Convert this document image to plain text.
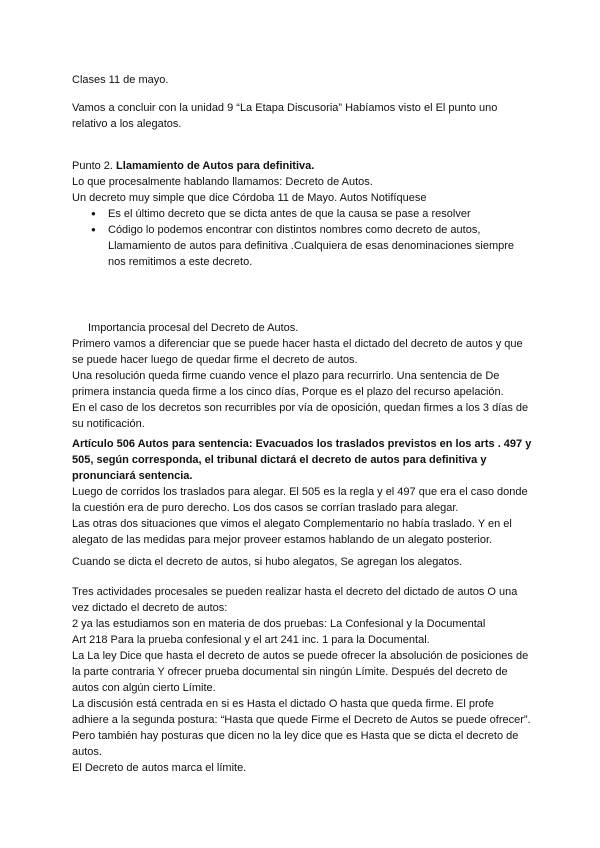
Clases 11 de mayo.

Vamos a concluir con la unidad 9 “La Etapa Discusoria” Habíamos visto el El punto uno relativo a los alegatos.

Punto 2. Llamamiento de Autos para definitiva.

Lo que procesalmente hablando llamamos: Decreto de Autos.

Un decreto muy simple que dice Córdoba 11 de Mayo. Autos Notifíquese

● Es el último decreto que se dicta antes de que la causa se pase a resolver
● Código lo podemos encontrar con distintos nombres como decreto de autos, Llamamiento de autos para definitiva .Cualquiera de esas denominaciones siempre nos remitimos a este decreto.

Importancia procesal del Decreto de Autos.

Primero vamos a diferenciar que se puede hacer hasta el dictado del decreto de autos y que se puede hacer luego de quedar firme el decreto de autos.

Una resolución queda firme cuando vence el plazo para recurrirlo. Una sentencia de De primera instancia queda firme a los cinco días, Porque es el plazo del recurso apelación.

En el caso de los decretos son recurribles por vía de oposición, quedan firmes a los 3 días de su notificación.

Artículo 506 Autos para sentencia: Evacuados los traslados previstos en los arts . 497 y 505, según corresponda, el tribunal dictará el decreto de autos para definitiva y pronunciará sentencia.

Luego de corridos los traslados para alegar. El 505 es la regla y el 497 que era el caso donde la cuestión era de puro derecho. Los dos casos se corrían traslado para alegar.

Las otras dos situaciones que vimos el alegato Complementario no había traslado. Y en el alegato de las medidas para mejor proveer estamos hablando de un alegato posterior.

Cuando se dicta el decreto de autos, si hubo alegatos, Se agregan los alegatos.

Tres actividades procesales se pueden realizar hasta el decreto del dictado de autos O una vez dictado el decreto de autos:

2 ya las estudiamos son en materia de dos pruebas: La Confesional y la Documental

Art 218 Para la prueba confesional y el art 241 inc. 1 para la Documental.

La La ley Dice que hasta el decreto de autos se puede ofrecer la absolución de posiciones de la parte contraria Y ofrecer prueba documental sin ningún Límite. Después del decreto de autos con algún cierto Límite.

La discusión está centrada en si es Hasta el dictado O hasta que queda firme. El profe adhiere a la segunda postura: “Hasta que quede Firme el Decreto de Autos se puede ofrecer”.

Pero también hay posturas que dicen no la ley dice que es Hasta que se dicta el decreto de autos.

El Decreto de autos marca el límite.
